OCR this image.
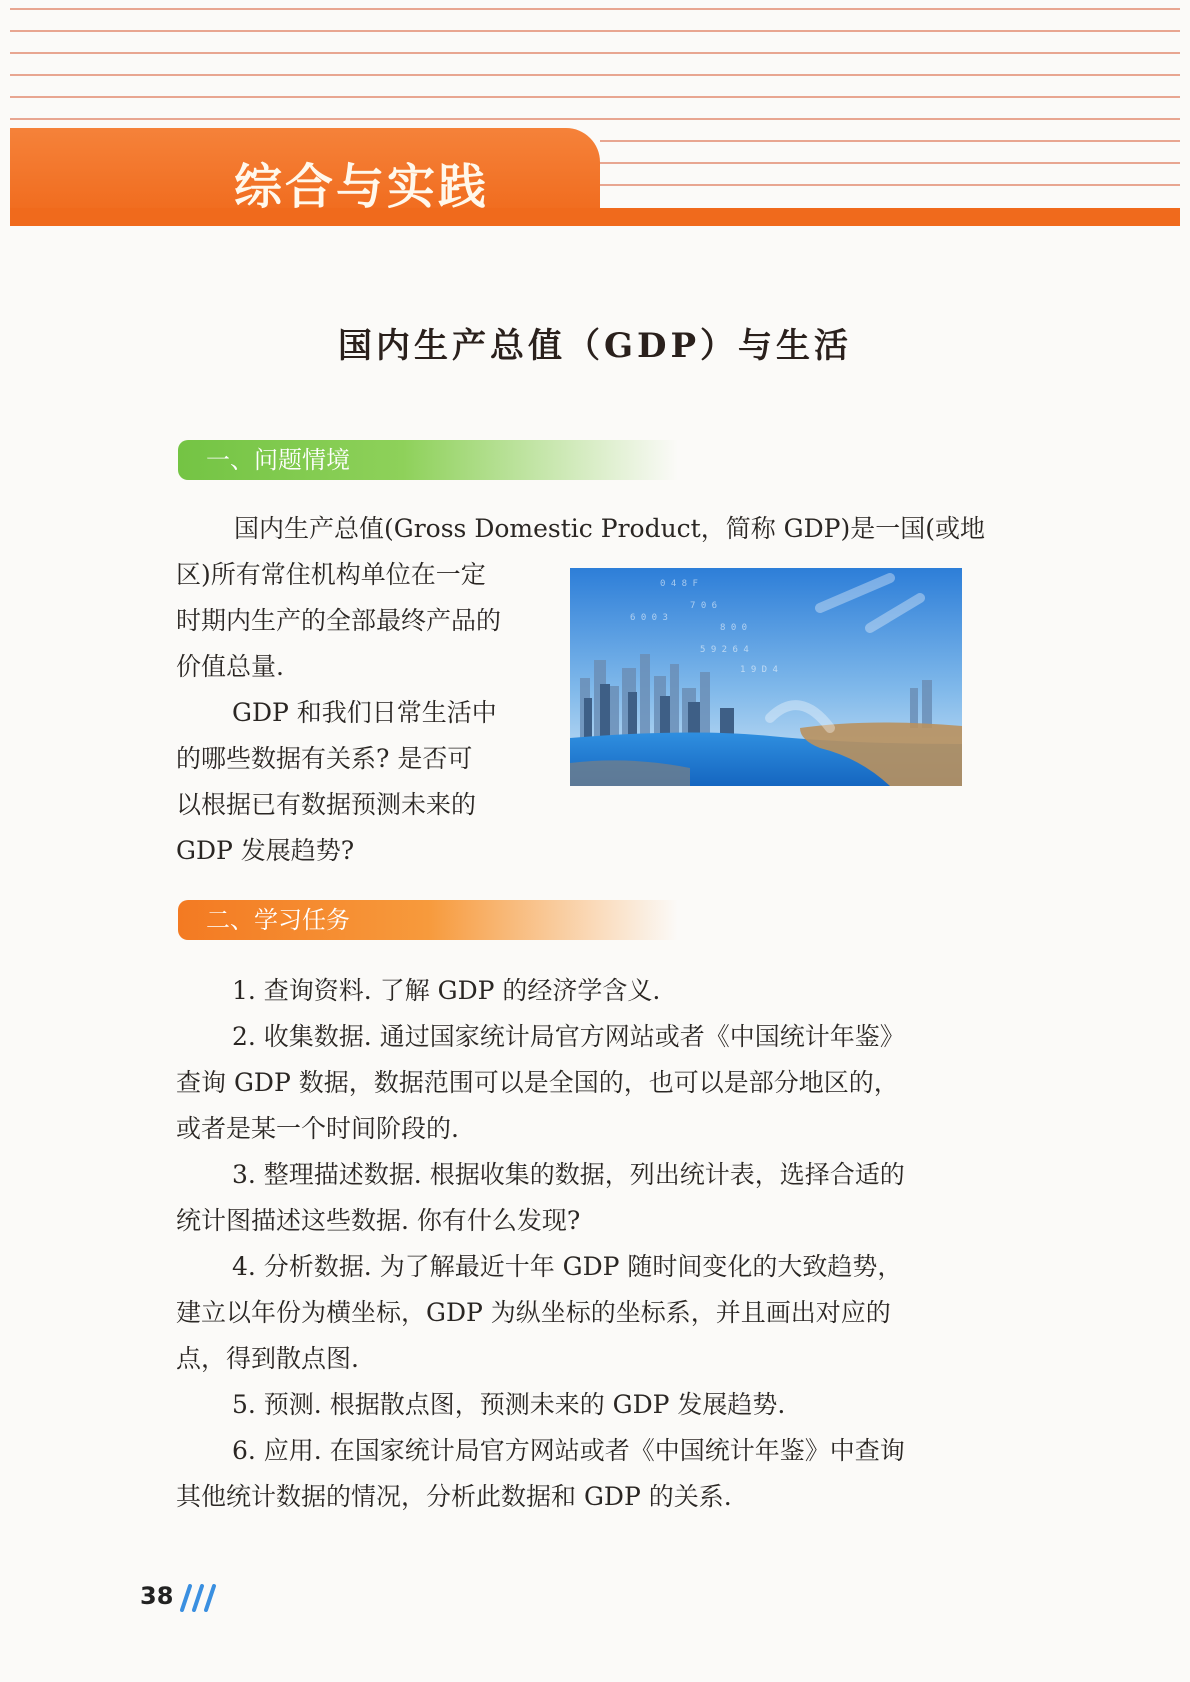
综合与实践
国内生产总值（GDP）与生活
一、问题情境

国内生产总值(Gross Domestic Product，简称 GDP)是一国(或地

区)所有常住机构单位在一定

时期内生产的全部最终产品的

价值总量.

GDP 和我们日常生活中

的哪些数据有关系? 是否可

以根据已有数据预测未来的

GDP 发展趋势?

0 4 8 F
7 0 6
8 0 0
5 9 2 6 4
1 9 D 4
6 0 0 3
二、学习任务

1. 查询资料. 了解 GDP 的经济学含义.

2. 收集数据. 通过国家统计局官方网站或者《中国统计年鉴》

查询 GDP 数据，数据范围可以是全国的，也可以是部分地区的，

或者是某一个时间阶段的.

3. 整理描述数据. 根据收集的数据，列出统计表，选择合适的

统计图描述这些数据. 你有什么发现?

4. 分析数据. 为了解最近十年 GDP 随时间变化的大致趋势，

建立以年份为横坐标，GDP 为纵坐标的坐标系，并且画出对应的

点，得到散点图.

5. 预测. 根据散点图，预测未来的 GDP 发展趋势.

6. 应用. 在国家统计局官方网站或者《中国统计年鉴》中查询

其他统计数据的情况，分析此数据和 GDP 的关系.

38
